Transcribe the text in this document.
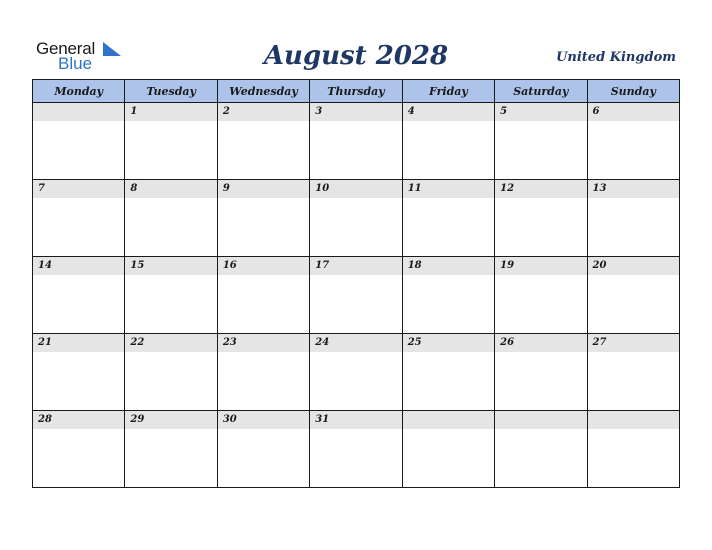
General
Blue	August 2028	United Kingdom
Monday	Tuesday	Wednesday	Thursday	Friday	Saturday	Sunday

	1	2	3	4	5	6

7	8	9	10	11	12	13

14	15	16	17	18	19	20

21	22	23	24	25	26	27

28	29	30	31			
